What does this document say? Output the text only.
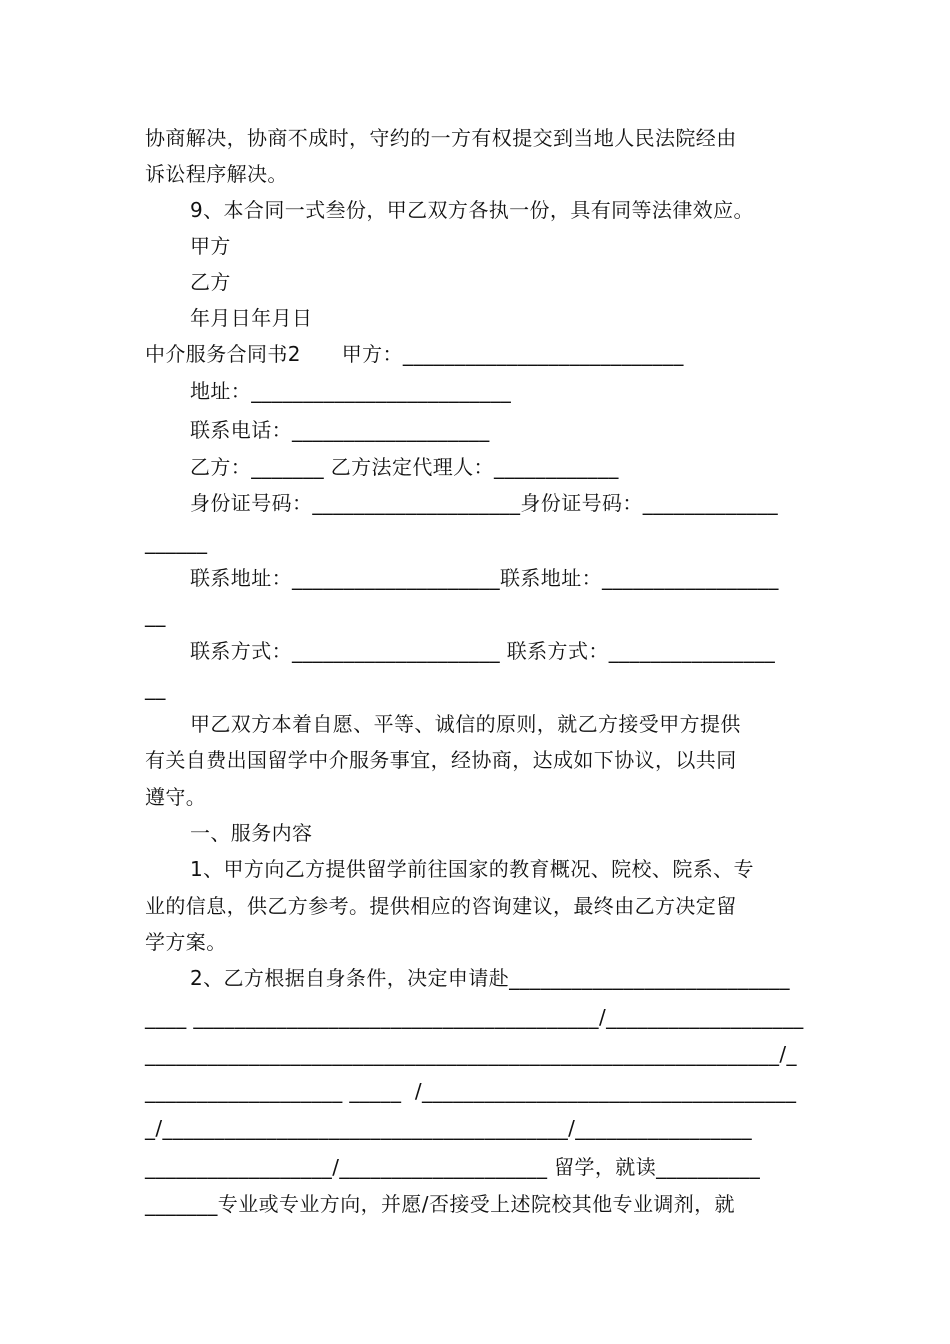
协商解决，协商不成时，守约的一方有权提交到当地人民法院经由
诉讼程序解决。
9、本合同一式叁份，甲乙双方各执一份，具有同等法律效应。
甲方
乙方
年月日年月日
中介服务合同书2　　甲方：___________________________
地址：_________________________
联系电话：___________________
乙方：_______ 乙方法定代理人：____________
身份证号码：____________________身份证号码：_____________
______
联系地址：____________________联系地址：_________________
__
联系方式：____________________ 联系方式：________________
__
甲乙双方本着自愿、平等、诚信的原则，就乙方接受甲方提供
有关自费出国留学中介服务事宜，经协商，达成如下协议，以共同
遵守。
一、服务内容
1、甲方向乙方提供留学前往国家的教育概况、院校、院系、专
业的信息，供乙方参考。提供相应的咨询建议，最终由乙方决定留
学方案。
2、乙方根据自身条件，决定申请赴___________________________
____ _______________________________________/___________________
_____________________________________________________________/_
___________________ _____  /____________________________________
_/_______________________________________/_________________
__________________/____________________ 留学，就读__________
_______专业或专业方向，并愿/否接受上述院校其他专业调剂，就
